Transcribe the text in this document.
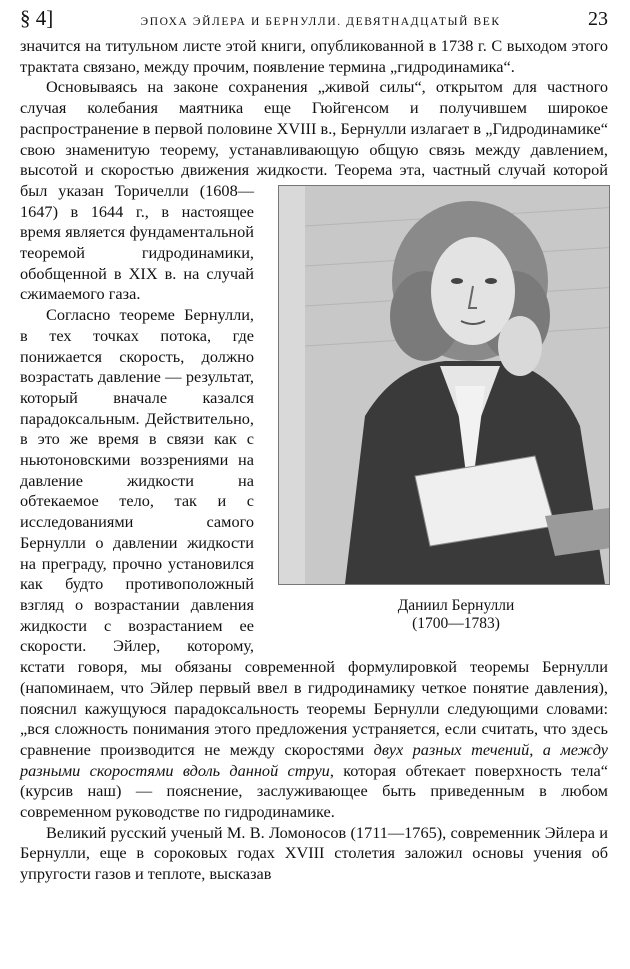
§ 4]	ЭПОХА ЭЙЛЕРА И БЕРНУЛЛИ. ДЕВЯТНАДЦАТЫЙ ВЕК	23

значится на титульном листе этой книги, опубликованной в 1738 г. С выходом этого трактата связано, между прочим, появление термина „гидродинамика“.

Основываясь на законе сохранения „живой силы“, открытом для частного случая колебания маятника еще Гюйгенсом и получившем широкое распространение в первой половине XVIII в., Бернулли излагает в „Гидродинамике“ свою знаменитую теорему, устанавливающую общую связь между давлением, высотой и скоростью движения жидкости.
Даниил Бернулли
(1700—1783)
Теорема эта, частный случай которой был указан Торичелли (1608—1647) в 1644 г., в настоящее время является фундаментальной теоремой гидродинамики, обобщенной в XIX в. на случай сжимаемого газа.

Согласно теореме Бернулли, в тех точках потока, где понижается скорость, должно возрастать давление — результат, который вначале казался парадоксальным. Действительно, в это же время в связи как с ньютоновскими воззрениями на давление жидкости на обтекаемое тело, так и с исследованиями самого Бернулли о давлении жидкости на преграду, прочно установился как будто противоположный взгляд о возрастании давления жидкости с возрастанием ее скорости. Эйлер, которому, кстати говоря, мы обязаны современной формулировкой теоремы Бернулли (напоминаем, что Эйлер первый ввел в гидродинамику четкое понятие давления), пояснил кажущуюся парадоксальность теоремы Бернулли следующими словами: „вся сложность понимания этого предложения устраняется, если считать, что здесь сравнение производится не между скоростями двух разных течений, а между разными скоростями вдоль данной струи, которая обтекает поверхность тела“ (курсив наш) — пояснение, заслуживающее быть приведенным в любом современном руководстве по гидродинамике.

Великий русский ученый М. В. Ломоносов (1711—1765), современник Эйлера и Бернулли, еще в сороковых годах XVIII столетия заложил основы учения об упругости газов и теплоте, высказав
